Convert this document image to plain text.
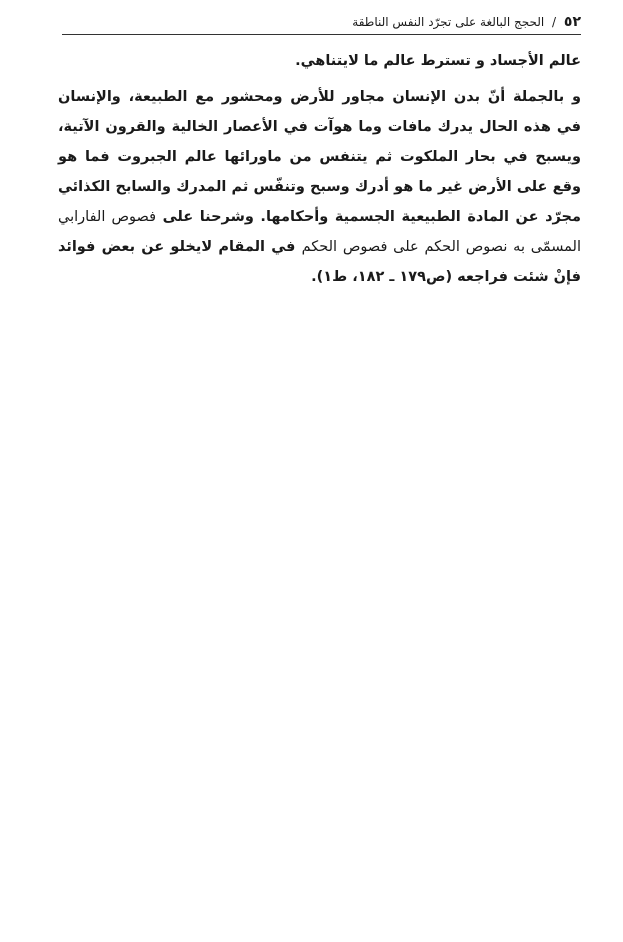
٥٢ / الحجج البالغة على تجرّد النفس الناطقة

عالم الأجساد و تسترط عالم ما لايتناهي.

و بالجملة أنّ بدن الإنسان مجاور للأرض ومحشور مع الطبيعة، والإنسان في هذه الحال يدرك مافات وما هوآت في الأعصار الخالية والقرون الآتية، ويسبح في بحار الملكوت ثم يتنفس من ماورائها عالم الجبروت فما هو وقع على الأرض غير ما هو أدرك وسبح وتنفّس ثم المدرك والسابح الكذائي مجرّد عن المادة الطبيعية الجسمية وأحكامها. وشرحنا على فصوص الفارابي المسمّى به نصوص الحكم على فصوص الحكم في المقام لايخلو عن بعض فوائد فإنْ شئت فراجعه (ص١٧٩ ـ ١٨٢، ط١).
